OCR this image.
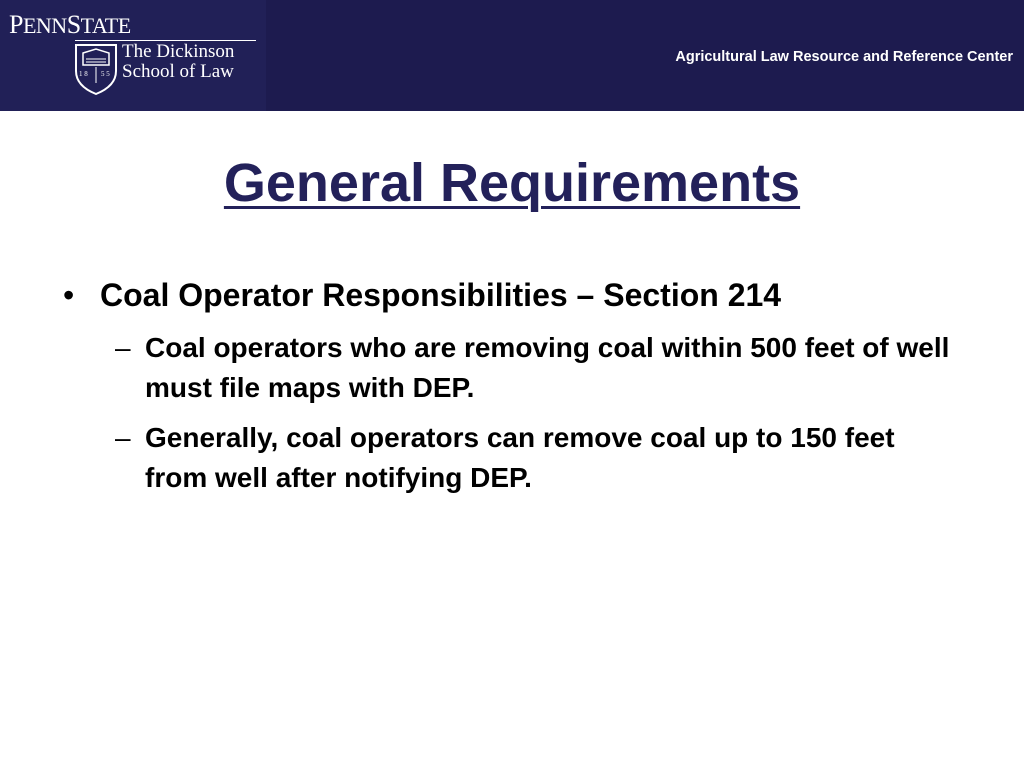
PENNSTATE
1 8 5 5
The Dickinson
School of Law
Agricultural Law Resource and Reference Center
General Requirements
• Coal Operator Responsibilities – Section 214
– Coal operators who are removing coal within 500 feet of well must file maps with DEP.
– Generally, coal operators can remove coal up to 150 feet from well after notifying DEP.
